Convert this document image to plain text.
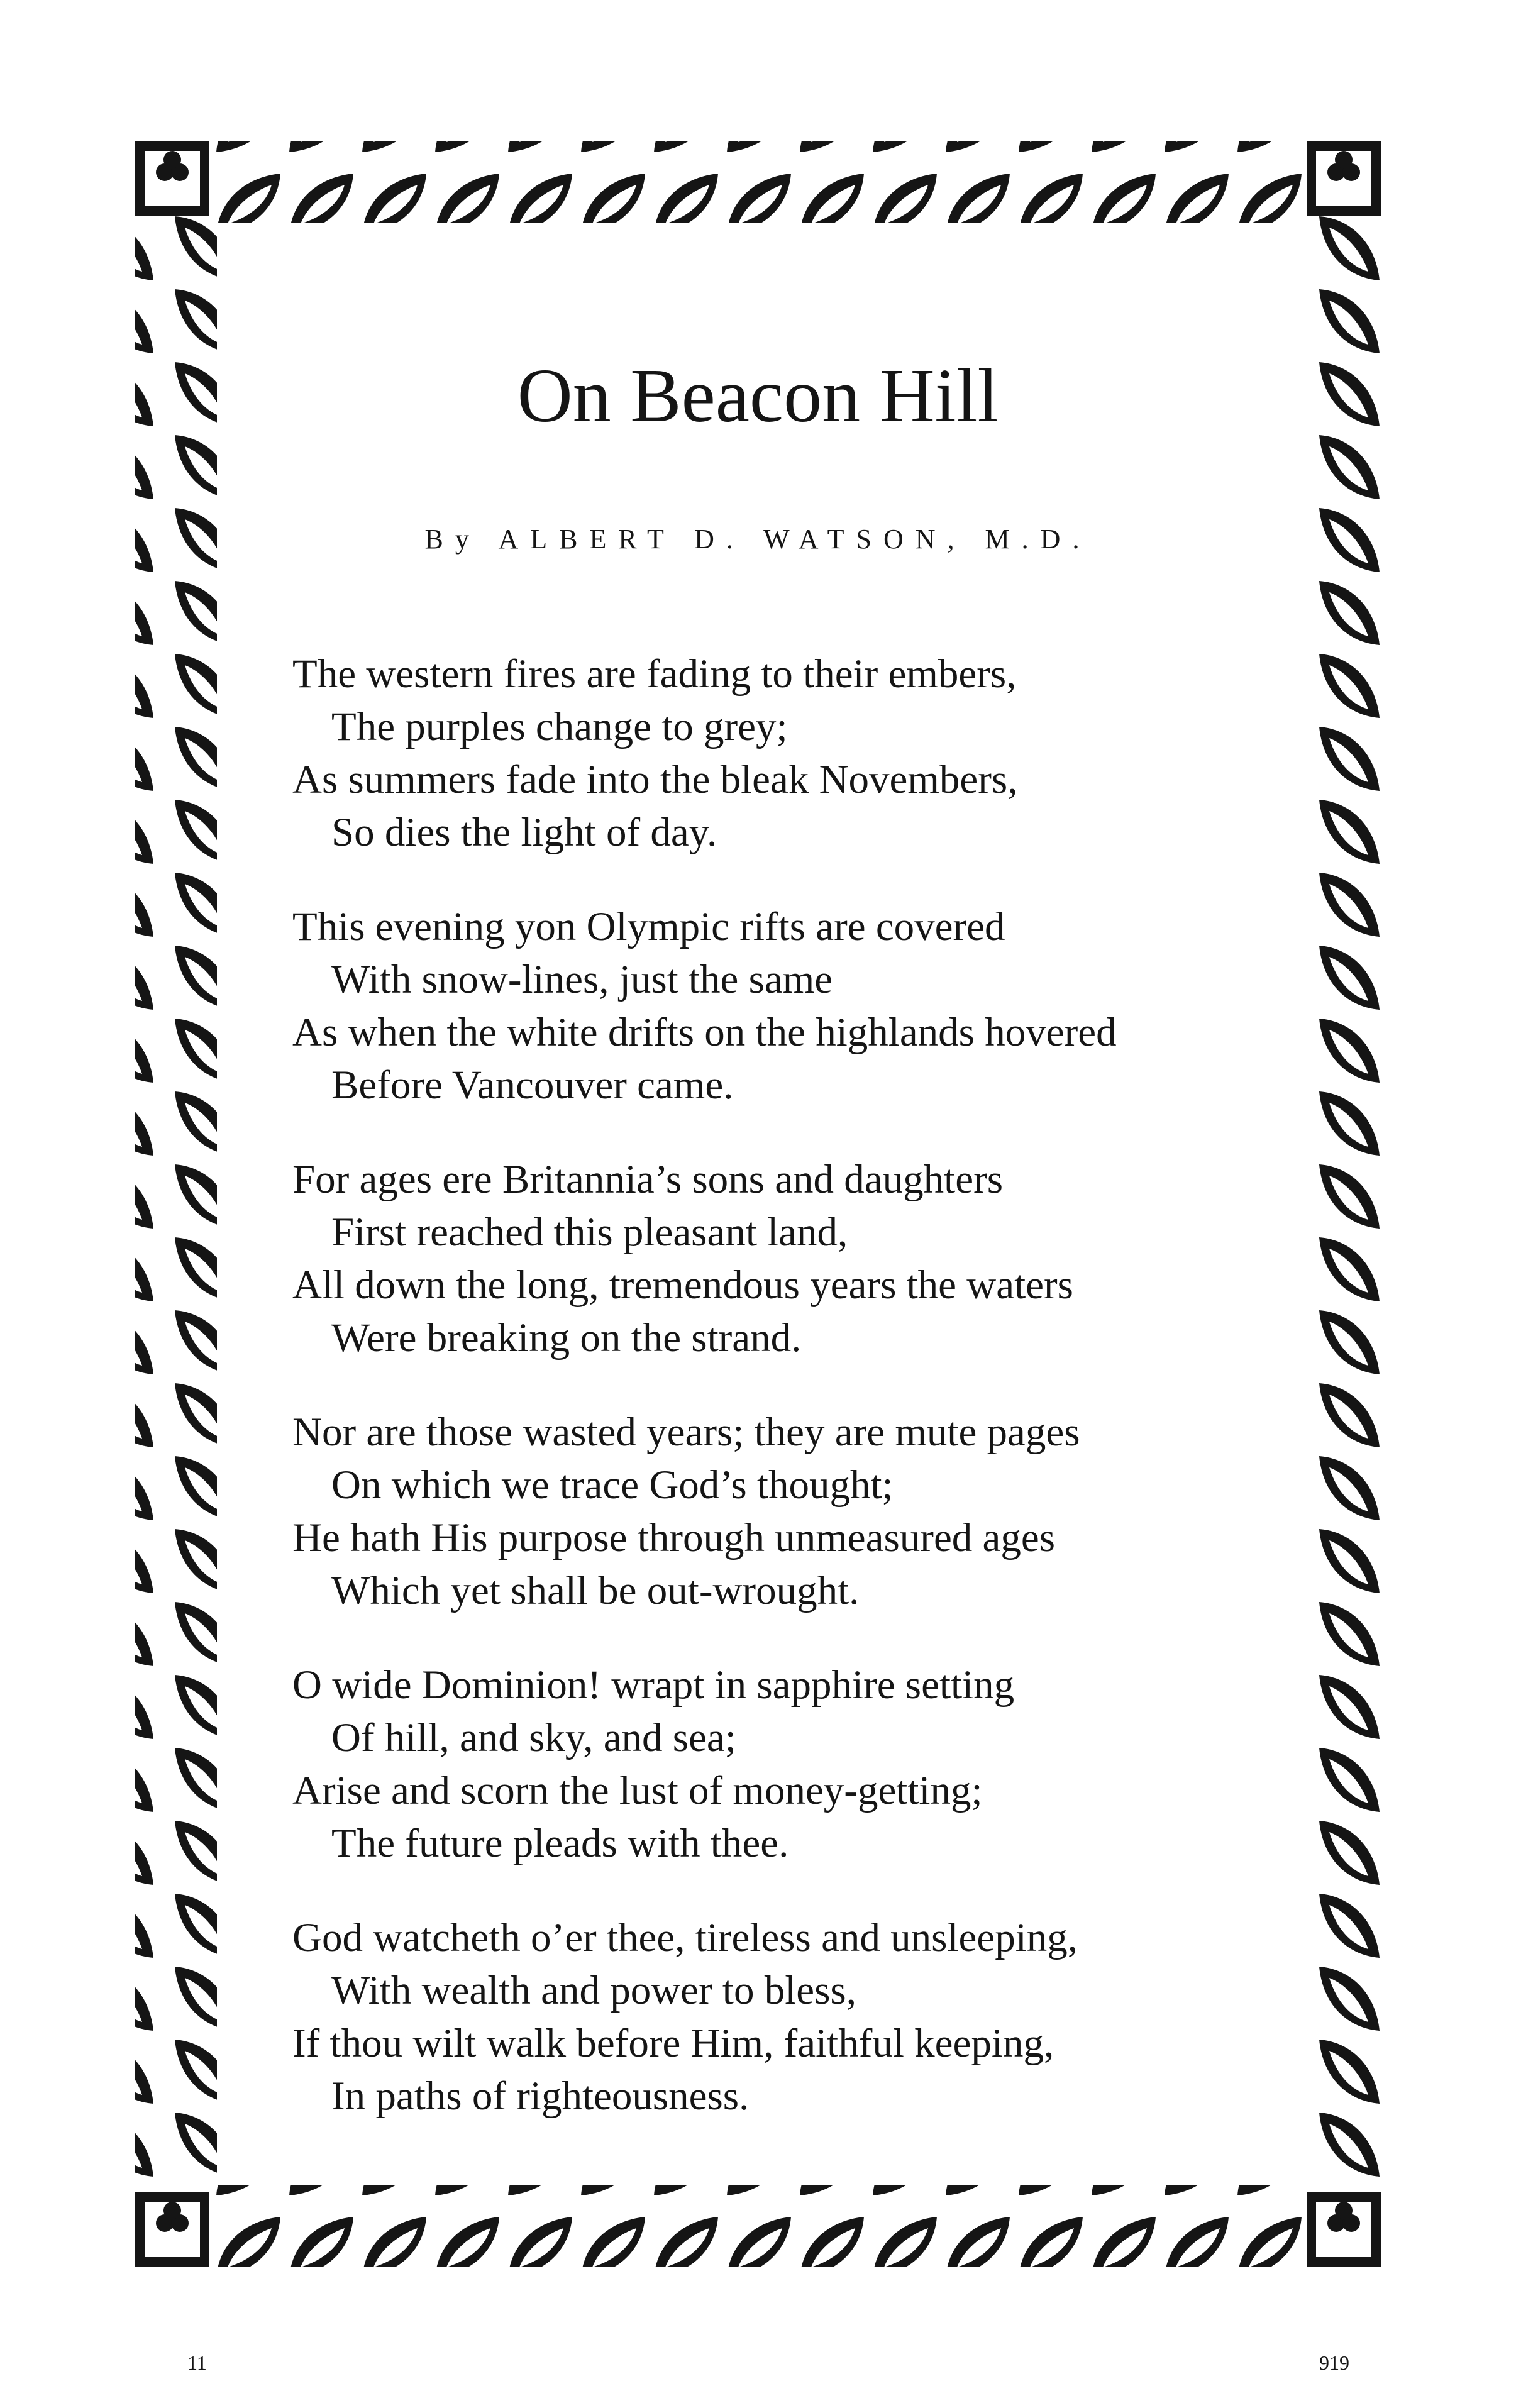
On Beacon Hill
By ALBERT D. WATSON, M.D.
The western fires are fading to their embers,
The purples change to grey;
As summers fade into the bleak Novembers,
So dies the light of day.
This evening yon Olympic rifts are covered
With snow-lines, just the same
As when the white drifts on the highlands hovered
Before Vancouver came.
For ages ere Britannia’s sons and daughters
First reached this pleasant land,
All down the long, tremendous years the waters
Were breaking on the strand.
Nor are those wasted years; they are mute pages
On which we trace God’s thought;
He hath His purpose through unmeasured ages
Which yet shall be out-wrought.
O wide Dominion! wrapt in sapphire setting
Of hill, and sky, and sea;
Arise and scorn the lust of money-getting;
The future pleads with thee.
God watcheth o’er thee, tireless and unsleeping,
With wealth and power to bless,
If thou wilt walk before Him, faithful keeping,
In paths of righteousness.
11	919
